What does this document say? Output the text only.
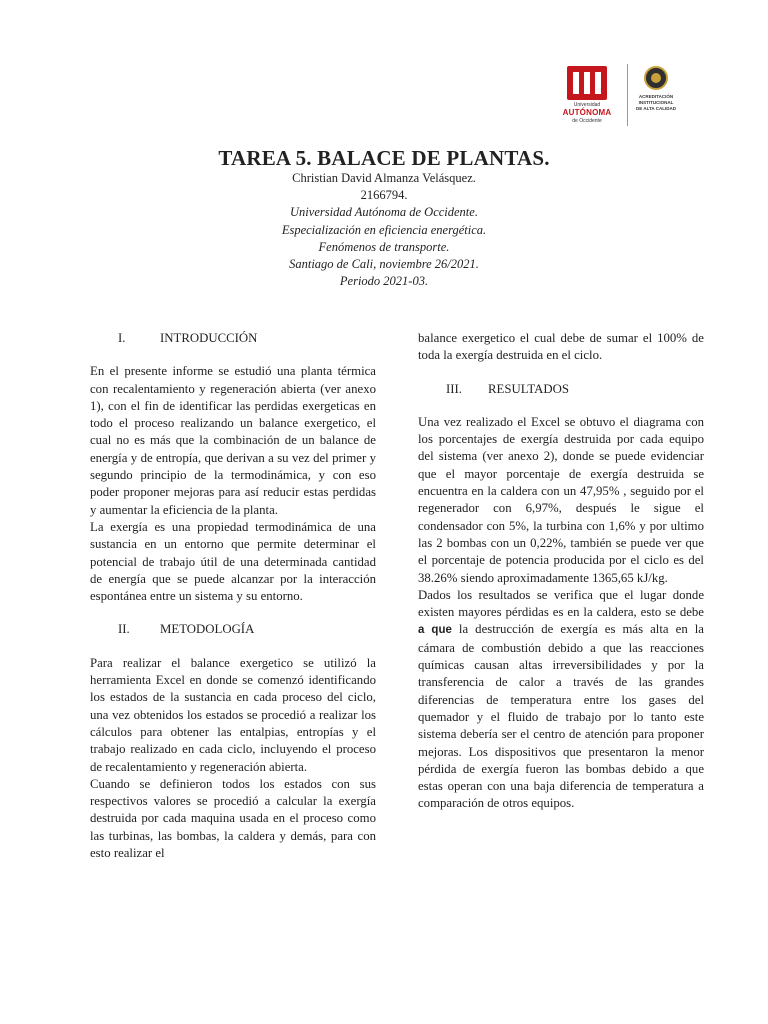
Universidad
AUTÓNOMA
de Occidente
ACREDITACIÓN
INSTITUCIONAL
DE ALTA CALIDAD
TAREA 5. BALACE DE PLANTAS.
Christian David Almanza Velásquez.
2166794.
Universidad Autónoma de Occidente.
Especialización en eficiencia energética.
Fenómenos de transporte.
Santiago de Cali, noviembre 26/2021.
Periodo 2021-03.
I.	INTRODUCCIÓN

En el presente informe se estudió una planta térmica con recalentamiento y regeneración abierta (ver anexo 1), con el fin de identificar las perdidas exergeticas en todo el proceso realizando un balance exergetico, el cual no es más que la combinación de un balance de energía y de entropía, que derivan a su vez del primer y segundo principio de la termodinámica, y con eso poder proponer mejoras para así reducir estas perdidas y aumentar la eficiencia de la planta.

La exergía es una propiedad termodinámica de una sustancia en un entorno que permite determinar el potencial de trabajo útil de una determinada cantidad de energía que se puede alcanzar por la interacción espontánea entre un sistema y su entorno.

II.	METODOLOGÍA

Para realizar el balance exergetico se utilizó la herramienta Excel en donde se comenzó identificando los estados de la sustancia en cada proceso del ciclo, una vez obtenidos los estados se procedió a realizar los cálculos para obtener las entalpias, entropías y el trabajo realizado en cada ciclo, incluyendo el proceso de recalentamiento y regeneración abierta.

Cuando se definieron todos los estados con sus respectivos valores se procedió a calcular la exergía destruida por cada maquina usada en el proceso como las turbinas, las bombas, la caldera y demás, para con esto realizar el

balance exergetico el cual debe de sumar el 100% de toda la exergía destruida en el ciclo.

III.	RESULTADOS

Una vez realizado el Excel se obtuvo el diagrama con los porcentajes de exergía destruida por cada equipo del sistema (ver anexo 2), donde se puede evidenciar que el mayor porcentaje de exergía destruida se encuentra en la caldera con un 47,95% , seguido por el regenerador con 6,97%, después le sigue el condensador con 5%, la turbina con 1,6% y por ultimo las 2 bombas con un 0,22%, también se puede ver que el porcentaje de potencia producida por el ciclo es del 38.26% siendo aproximadamente 1365,65 kJ/kg.

Dados los resultados se verifica que el lugar donde existen mayores pérdidas es en la caldera, esto se debe a que la destrucción de exergía es más alta en la cámara de combustión debido a que las reacciones químicas causan altas irreversibilidades y por la transferencia de calor a través de las grandes diferencias de temperatura entre los gases del quemador y el fluido de trabajo por lo tanto este sistema debería ser el centro de atención para proponer mejoras. Los dispositivos que presentaron la menor pérdida de exergía fueron las bombas debido a que estas operan con una baja diferencia de temperatura a comparación de otros equipos.
